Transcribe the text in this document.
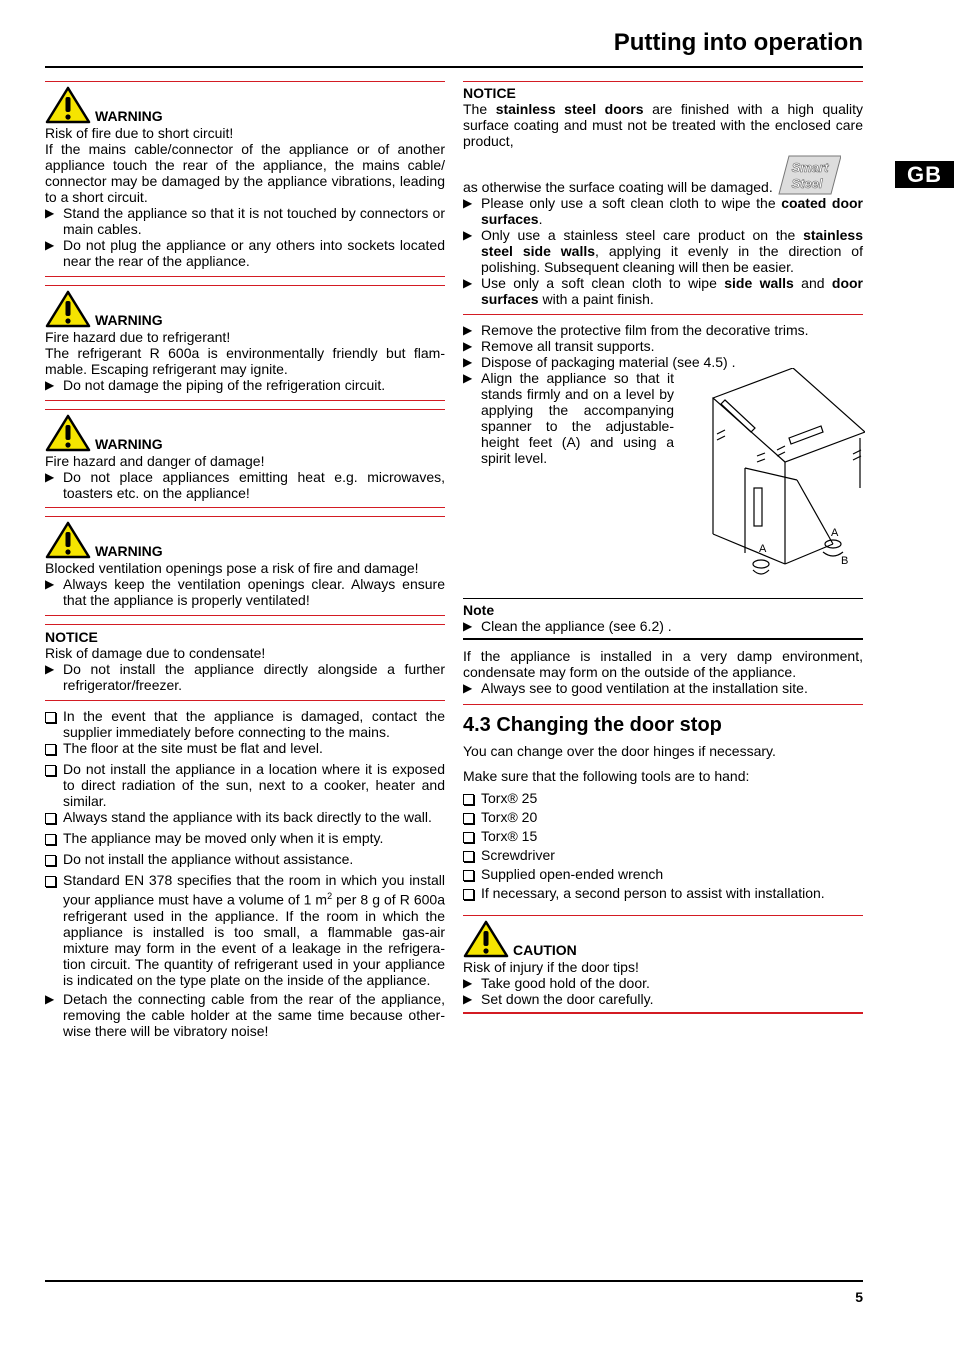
Putting into operation
GB
WARNING

Risk of fire due to short circuit!

If the mains cable/connector of the appliance or of another appliance touch the rear of the appliance, the mains cable/ connector may be damaged by the appliance vibrations, leading to a short circuit.

▶ Stand the appliance so that it is not touched by connectors or main cables.
▶ Do not plug the appliance or any others into sockets located near the rear of the appliance.
WARNING

Fire hazard due to refrigerant!

The refrigerant R 600a is environmentally friendly but flam-mable. Escaping refrigerant may ignite.

▶ Do not damage the piping of the refrigeration circuit.
WARNING

Fire hazard and danger of damage!

▶ Do not place appliances emitting heat e.g. microwaves, toasters etc. on the appliance!
WARNING

Blocked ventilation openings pose a risk of fire and damage!

▶ Always keep the ventilation openings clear. Always ensure that the appliance is properly ventilated!
NOTICE

Risk of damage due to condensate!

▶ Do not install the appliance directly alongside a further refrigerator/freezer.
In the event that the appliance is damaged, contact the supplier immediately before connecting to the mains.
The floor at the site must be flat and level.
Do not install the appliance in a location where it is exposed to direct radiation of the sun, next to a cooker, heater and similar.
Always stand the appliance with its back directly to the wall.
The appliance may be moved only when it is empty.
Do not install the appliance without assistance.
Standard EN 378 specifies that the room in which you install your appliance must have a volume of 1 $m^2$ per 8 g of R 600a refrigerant used in the appliance. If the room in which the appliance is installed is too small, a flammable gas-air mixture may form in the event of a leakage in the refrigera-tion circuit. The quantity of refrigerant used in your appliance is indicated on the type plate on the inside of the appliance.
▶ Detach the connecting cable from the rear of the appliance, removing the cable holder at the same time because other-wise there will be vibratory noise!
NOTICE

The stainless steel doors are finished with a high quality surface coating and must not be treated with the enclosed care product,

as otherwise the surface coating will be damaged.
Smart
Steel

▶ Please only use a soft clean cloth to wipe the coated door surfaces.
▶ Only use a stainless steel care product on the stainless steel side walls, applying it evenly in the direction of polishing. Subsequent cleaning will then be easier.
▶ Use only a soft clean cloth to wipe side walls and door surfaces with a paint finish.
▶ Remove the protective film from the decorative trims.
▶ Remove all transit supports.
▶ Dispose of packaging material (see 4.5) .
▶ Align the appliance so that it stands firmly and on a level by applying the accompanying spanner to the adjustable-height feet (A) and using a spirit level.
A
A
B
Note
▶ Clean the appliance (see 6.2) .

If the appliance is installed in a very damp environment, condensate may form on the outside of the appliance.

▶ Always see to good ventilation at the installation site.
4.3 Changing the door stop

You can change over the door hinges if necessary.

Make sure that the following tools are to hand:

Torx® 25
Torx® 20
Torx® 15
Screwdriver
Supplied open-ended wrench
If necessary, a second person to assist with installation.
CAUTION

Risk of injury if the door tips!

▶ Take good hold of the door.
▶ Set down the door carefully.
5
